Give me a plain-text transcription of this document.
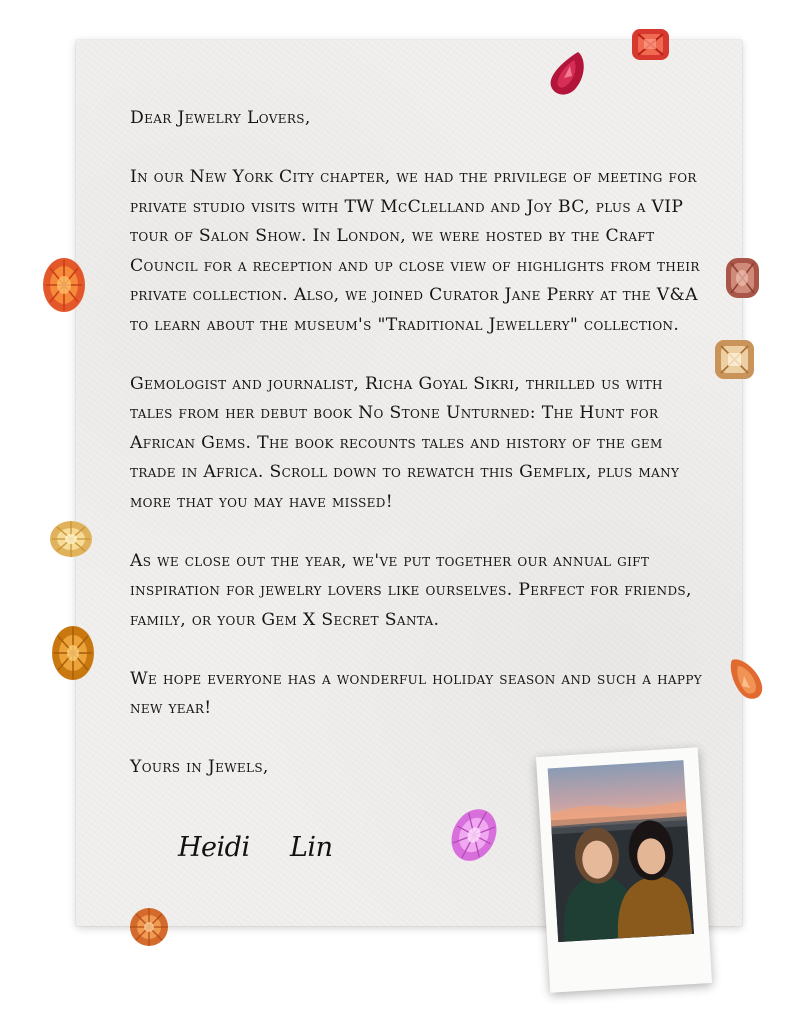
Dear Jewelry Lovers,

In our New York City chapter, we had the privilege of meeting for private studio visits with TW McClelland and Joy BC, plus a VIP tour of Salon Show. In London, we were hosted by the Craft Council for a reception and up close view of highlights from their private collection. Also, we joined Curator Jane Perry at the V&A to learn about the museum's "Traditional Jewellery" collection.

Gemologist and journalist, Richa Goyal Sikri, thrilled us with tales from her debut book No Stone Unturned: The Hunt for African Gems. The book recounts tales and history of the gem trade in Africa. Scroll down to rewatch this Gemflix, plus many more that you may have missed!

As we close out the year, we've put together our annual gift inspiration for jewelry lovers like ourselves. Perfect for friends, family, or your Gem X Secret Santa.

We hope everyone has a wonderful holiday season and such a happy new year!

Yours in Jewels,

Heidi Lin
